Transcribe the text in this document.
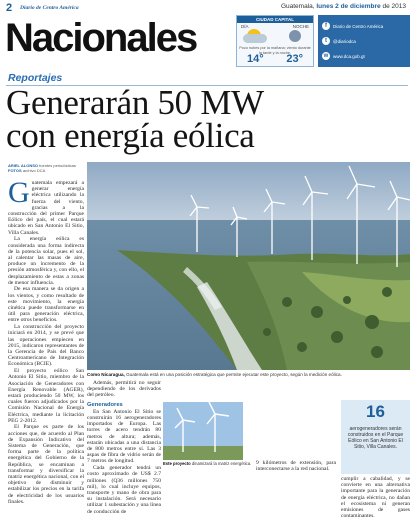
2 Diario de Centro América	Guatemala, lunes 2 de diciembre de 2013
Nacionales	CIUDAD CAPITAL
DÍA	NOCHE
Poco nubes por la mañana; viento durante la tarde y la noche.
14° 23°
f	Diario de Centro América
t	@diariodca
w	www.dca.gob.gt
Reportajes
Generarán 50 MW
con energía eólica
ARIEL ALONSO fuentes periodísticas
FOTOS archivo DCA

Guatemala empezará a generar energía eléctrica utilizando la fuerza del viento, gracias a la construcción del primer Parque Eólico del país, el cual estará ubicado en San Antonio El Sitio, Villa Canales.

La energía eólica es considerada una forma indirecta de la potencia solar, pues el sol, al calentar las masas de aire, produce un incremento de la presión atmosférica y, con ello, el desplazamiento de estas a zonas de menor influencia.

De esa manera se da origen a los vientos, y como resultado de este movimiento, la energía cinética puede transformarse en útil para generación eléctrica, entre otros beneficios.

La construcción del proyecto iniciará en 2014, y se prevé que las operaciones empiecen en 2015, indicaron representantes de la Gerencia de País del Banco Centroamericano de Integración Económica (BCIE).

El proyecto eólico San Antonio El Sitio, miembro de la Asociación de Generadores con Energía Renovable (AGER), estará produciendo 50 MW, los cuales fueron adjudicados por la Comisión Nacional de Energía Eléctrica, mediante la licitación PEG 2-2012.

El Parque es parte de los acciones que, de acuerdo al Plan de Expansión Indicativo del Sistema de Generación, que forma parte de la política energética del Gobierno de la República, se encaminan a transformar y diversificar la matriz energética nacional, con el objetivo de disminuir y estabilizar los precios en la tarifa de electricidad de los usuarios finales.

Como Nicaragua, Guatemala está en una posición estratégica que permite ejecutar este proyecto, según la medición eólica.

Además, permitirá no seguir dependiendo de los derivados del petróleo.

Generadores

En San Antonio El Sitio se construirán 16 aerogeneradores importados de Europa. Las torres de acero tendrán 80 metros de altura; además, estarán ubicadas a una distancia de 800 metros entre sí. Las 3 aspas de fibra de vidrio serán de 7 metros de longitud.

Cada generador tendrá un costo aproximado de US$ 2.7 millones (Q36 millones 750 mil), lo cual incluye equipos, transporte y mano de obra para su instalación. Será necesario utilizar 1 subestación y una línea de conducción de

Este proyecto dinamizará la matriz energética. 9 kilómetros de extensión, para interconectarse a la red nacional.

cumplir a cabalidad, y se convierte en una alternativa importante para la generación de energía eléctrica, no dañan el ecosistema ni generan emisiones de gases contaminantes.

16
aerogeneradores serán construidos en el Parque Eólico en San Antonio El Sitio, Villa Canales.
